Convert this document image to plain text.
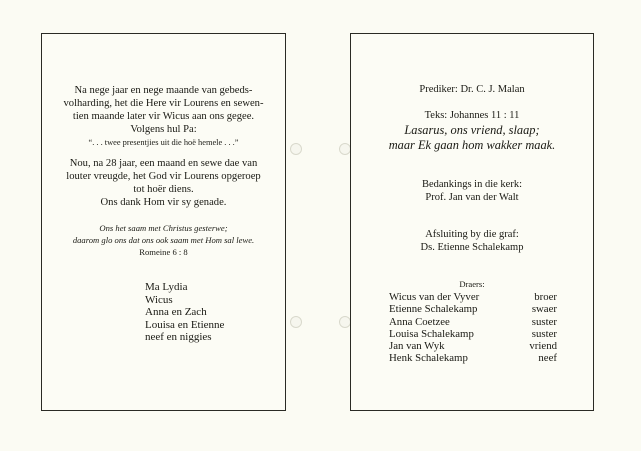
Na nege jaar en nege maande van gebeds-
volharding, het die Here vir Lourens en sewen-
tien maande later vir Wicus aan ons gegee.
Volgens hul Pa:
“. . . twee presentjies uit die hoë hemele . . .”
Nou, na 28 jaar, een maand en sewe dae van
louter vreugde, het God vir Lourens opgeroep
tot hoër diens.
Ons dank Hom vir sy genade.
Ons het saam met Christus gesterwe;
daarom glo ons dat ons ook saam met Hom sal lewe.
Romeine 6 : 8
Ma Lydia
Wicus
Anna en Zach
Louisa en Etienne
neef en niggies
Prediker: Dr. C. J. Malan
Teks: Johannes 11 : 11
Lasarus, ons vriend, slaap;
maar Ek gaan hom wakker maak.
Bedankings in die kerk:
Prof. Jan van der Walt
Afsluiting by die graf:
Ds. Etienne Schalekamp
Draers:
Wicus van der Vyver	broer
Etienne Schalekamp	swaer
Anna Coetzee	suster
Louisa Schalekamp	suster
Jan van Wyk	vriend
Henk Schalekamp	neef
